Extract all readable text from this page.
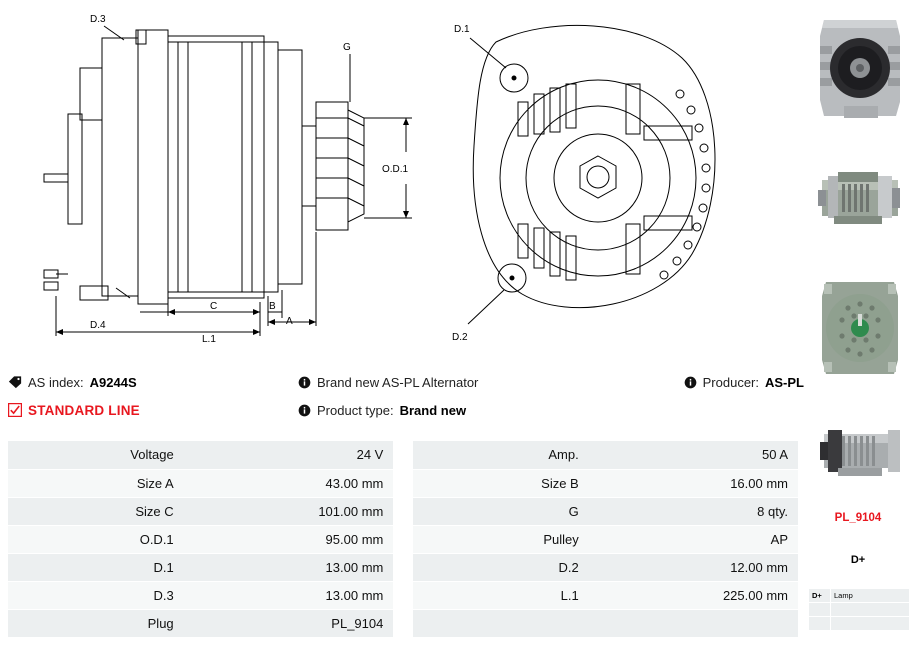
D.3
D.4
G
O.D.1
A
B
C
L.1
D.1
D.2
AS index: A9244S	Brand new AS-PL Alternator	Producer: AS-PL
STANDARD LINE	Product type: Brand new
Voltage	24 V		Amp.	50 A
Size A	43.00 mm		Size B	16.00 mm
Size C	101.00 mm		G	8 qty.
O.D.1	95.00 mm		Pulley	AP
D.1	13.00 mm		D.2	12.00 mm
D.3	13.00 mm		L.1	225.00 mm
Plug	PL_9104			
PL_9104
D+
D+	Lamp
